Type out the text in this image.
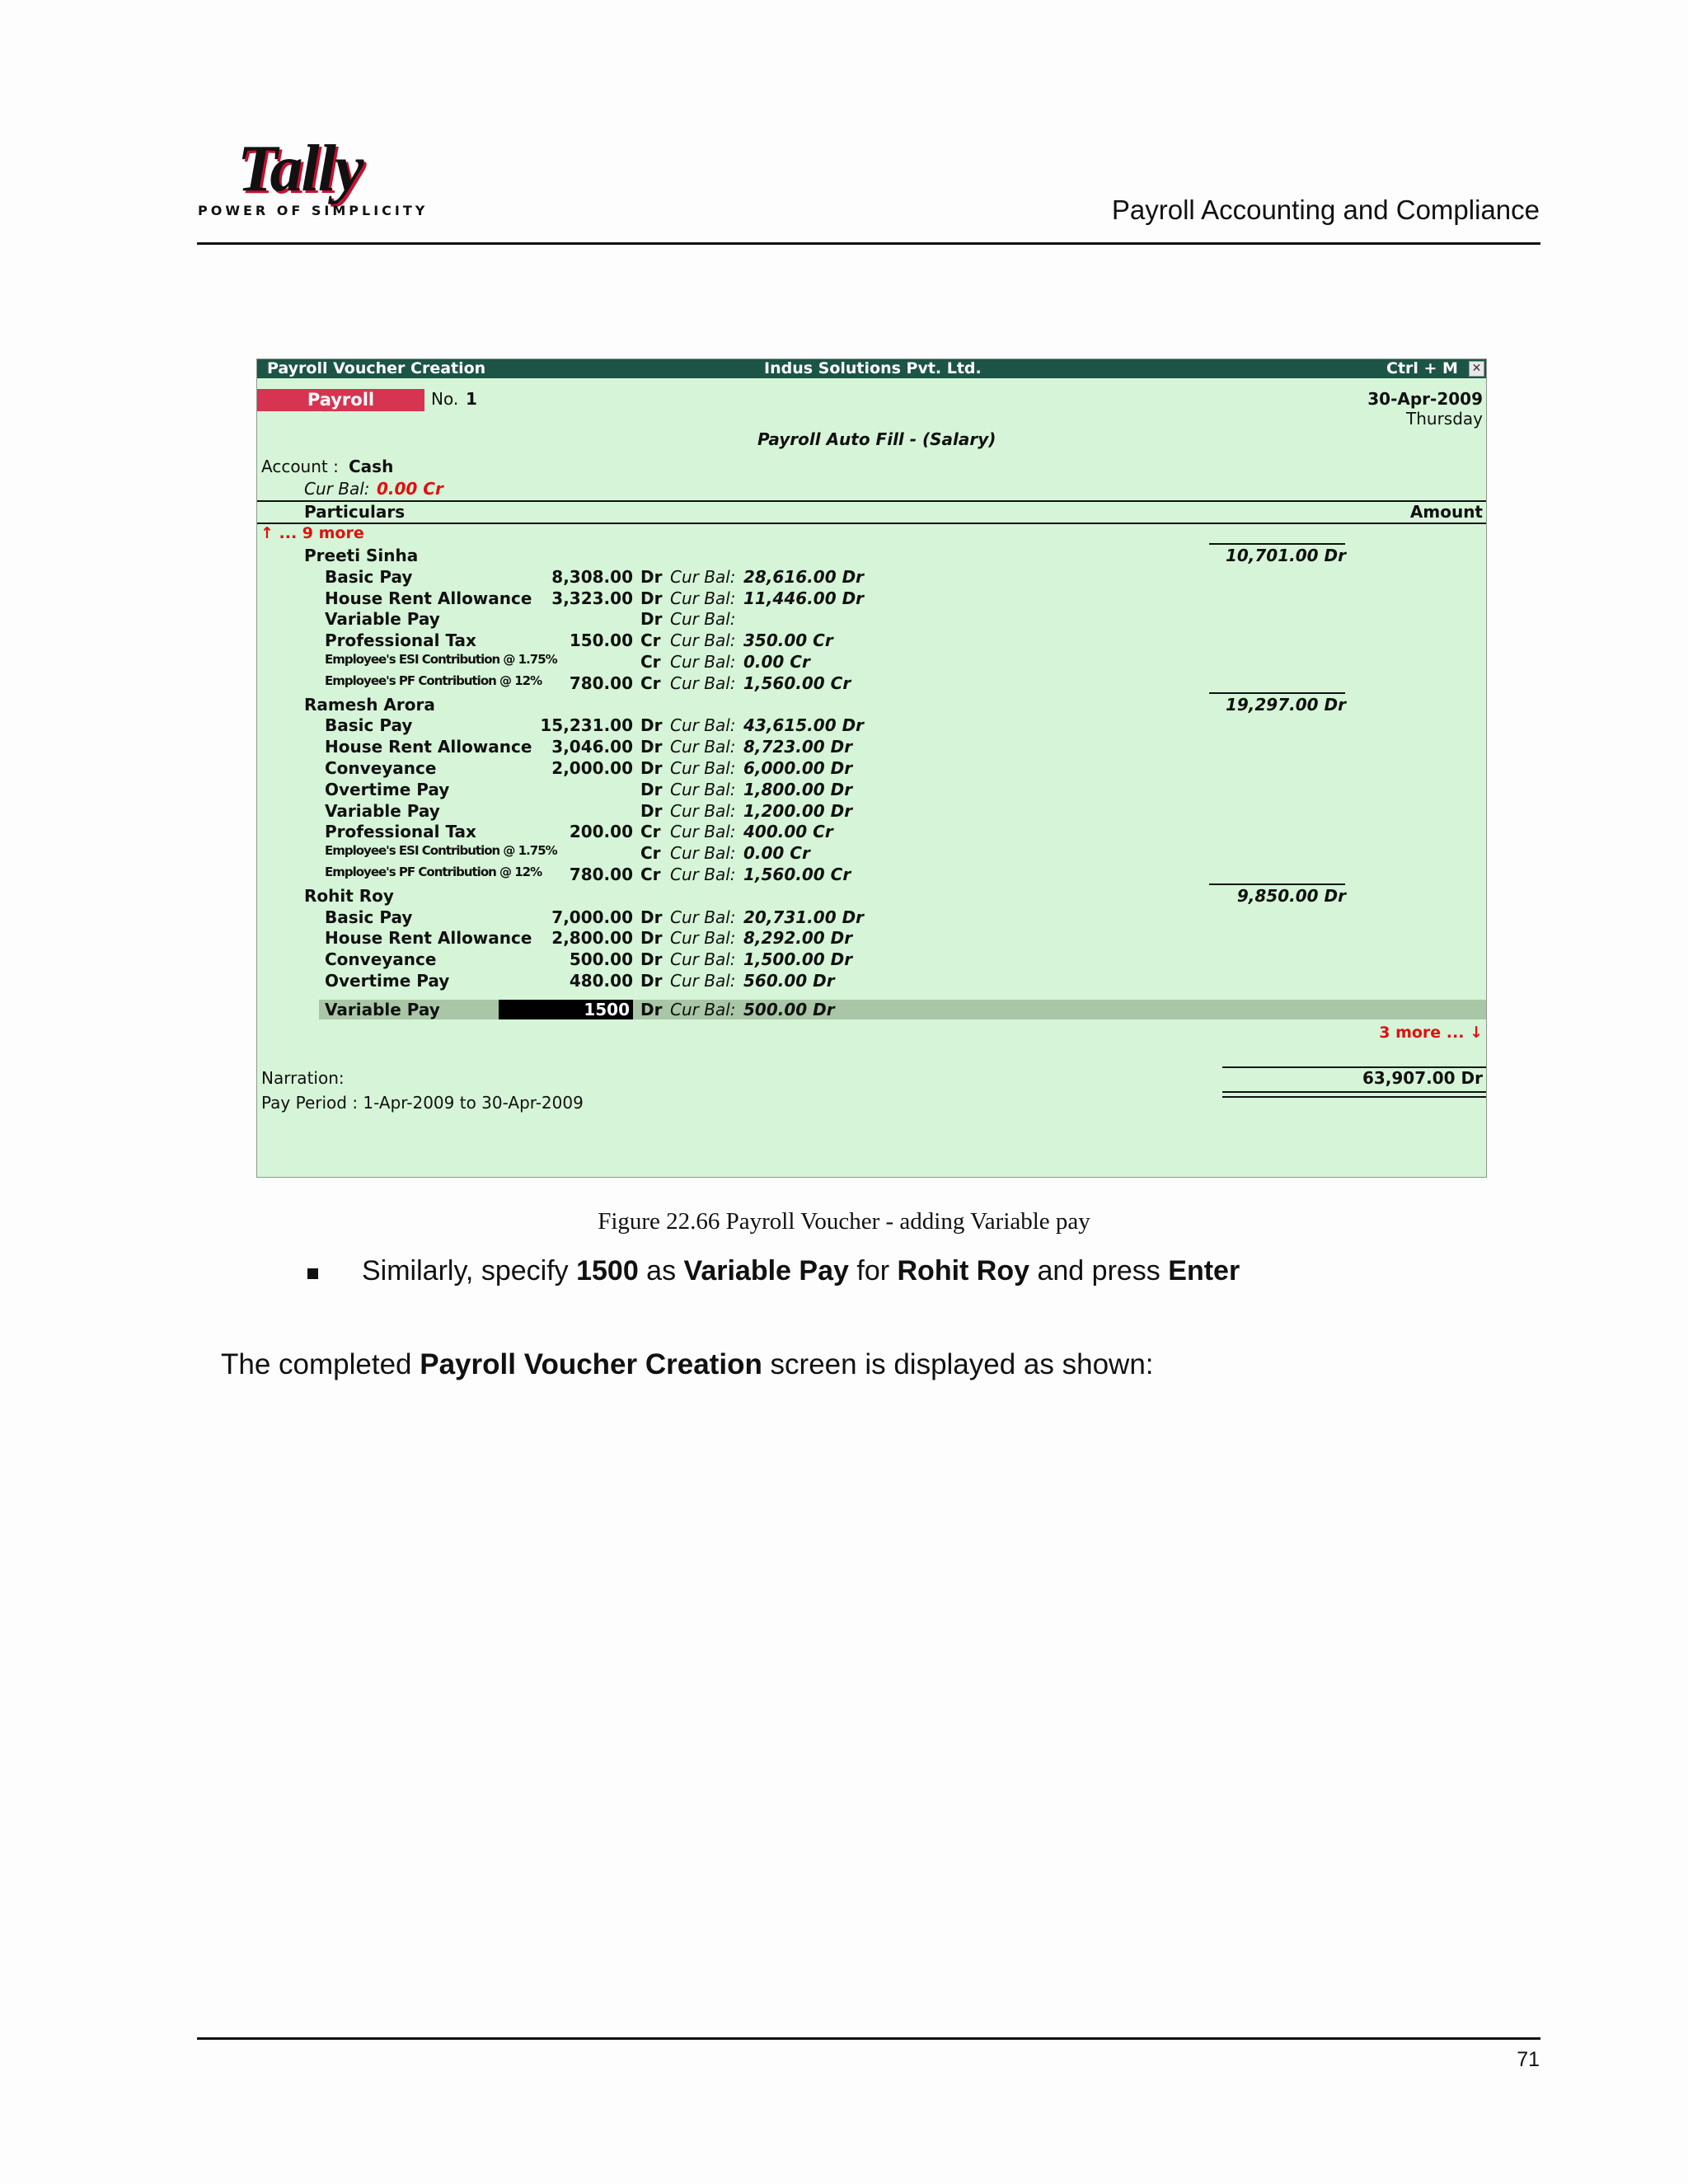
Tally
POWER OF SIMPLICITY	Payroll Accounting and Compliance
Payroll Voucher Creation	Indus Solutions Pvt. Ltd.	Ctrl + M ✕
Payroll	No. 1	30-Apr-2009
Thursday
Payroll Auto Fill - (Salary)
Account : Cash
Cur Bal: 0.00 Cr
Particulars	Amount
↑ ... 9 more
Preeti Sinha	10,701.00 Dr
Basic Pay	8,308.00 Dr Cur Bal: 28,616.00 Dr
House Rent Allowance 3,323.00 Dr Cur Bal: 11,446.00 Dr
Variable Pay	Dr Cur Bal:
Professional Tax	150.00 Cr Cur Bal: 350.00 Cr
Employee's ESI Contribution @ 1.75%	Cr Cur Bal: 0.00 Cr
Employee's PF Contribution @ 12% 780.00 Cr Cur Bal: 1,560.00 Cr
Ramesh Arora	19,297.00 Dr
Basic Pay	15,231.00 Dr Cur Bal: 43,615.00 Dr
House Rent Allowance 3,046.00 Dr Cur Bal: 8,723.00 Dr
Conveyance	2,000.00 Dr Cur Bal: 6,000.00 Dr
Overtime Pay	Dr Cur Bal: 1,800.00 Dr
Variable Pay	Dr Cur Bal: 1,200.00 Dr
Professional Tax	200.00 Cr Cur Bal: 400.00 Cr
Employee's ESI Contribution @ 1.75%	Cr Cur Bal: 0.00 Cr
Employee's PF Contribution @ 12% 780.00 Cr Cur Bal: 1,560.00 Cr
Rohit Roy	9,850.00 Dr
Basic Pay	7,000.00 Dr Cur Bal: 20,731.00 Dr
House Rent Allowance 2,800.00 Dr Cur Bal: 8,292.00 Dr
Conveyance	500.00 Dr Cur Bal: 1,500.00 Dr
Overtime Pay	480.00 Dr Cur Bal: 560.00 Dr
Variable Pay	1500 Dr Cur Bal: 500.00 Dr
3 more ... ↓
Narration:
Pay Period : 1-Apr-2009 to 30-Apr-2009
63,907.00 Dr
Figure 22.66 Payroll Voucher - adding Variable pay
Similarly, specify 1500 as Variable Pay for Rohit Roy and press Enter
The completed Payroll Voucher Creation screen is displayed as shown:
71
